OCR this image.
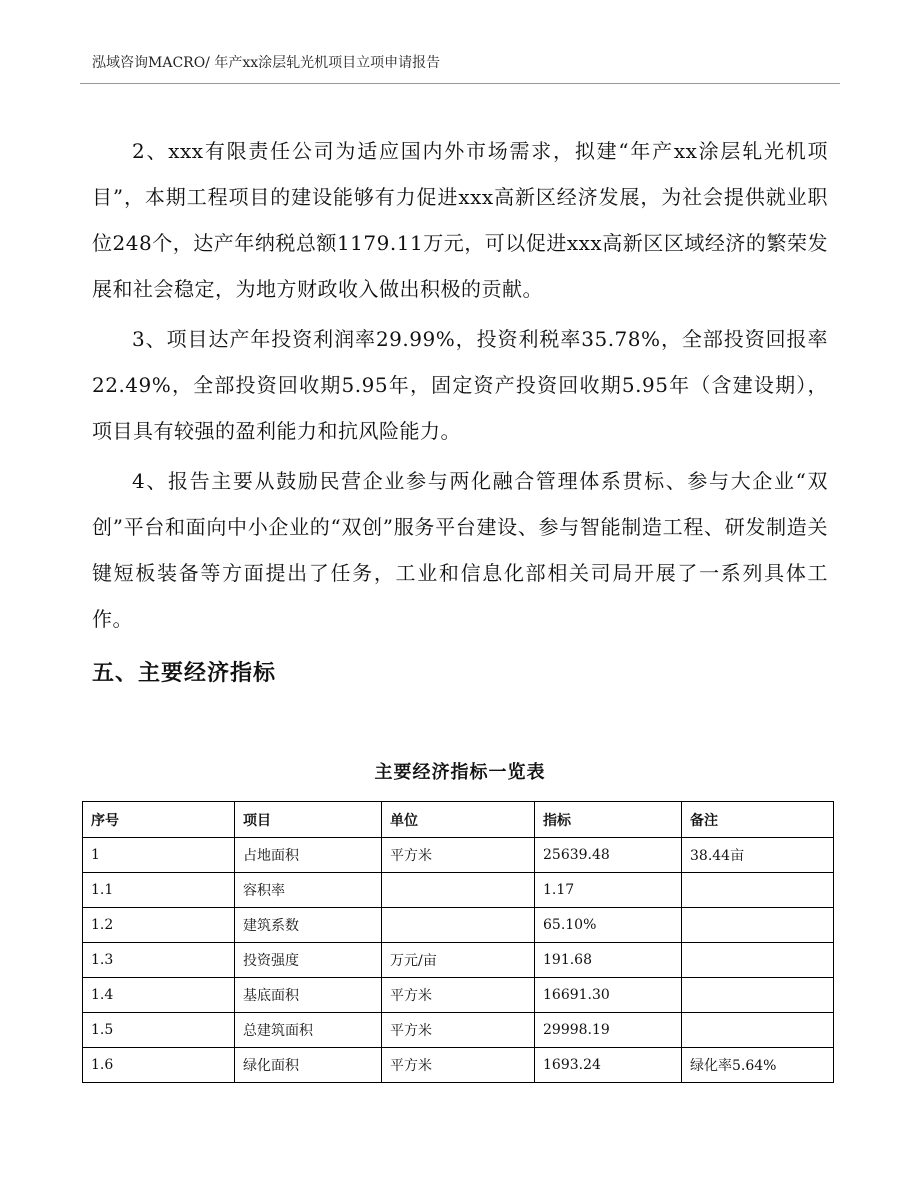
泓域咨询MACRO/ 年产xx涂层轧光机项目立项申请报告

2、xxx有限责任公司为适应国内外市场需求，拟建“年产xx涂层轧光机项目”，本期工程项目的建设能够有力促进xxx高新区经济发展，为社会提供就业职位248个，达产年纳税总额1179.11万元，可以促进xxx高新区区域经济的繁荣发展和社会稳定，为地方财政收入做出积极的贡献。

3、项目达产年投资利润率29.99%，投资利税率35.78%，全部投资回报率22.49%，全部投资回收期5.95年，固定资产投资回收期5.95年（含建设期），项目具有较强的盈利能力和抗风险能力。

4、报告主要从鼓励民营企业参与两化融合管理体系贯标、参与大企业“双创”平台和面向中小企业的“双创”服务平台建设、参与智能制造工程、研发制造关键短板装备等方面提出了任务，工业和信息化部相关司局开展了一系列具体工作。

五、主要经济指标
主要经济指标一览表
序号	项目	单位	指标	备注
1	占地面积	平方米	25639.48	38.44亩
1.1	容积率		1.17	
1.2	建筑系数		65.10%	
1.3	投资强度	万元/亩	191.68	
1.4	基底面积	平方米	16691.30	
1.5	总建筑面积	平方米	29998.19	
1.6	绿化面积	平方米	1693.24	绿化率5.64%
